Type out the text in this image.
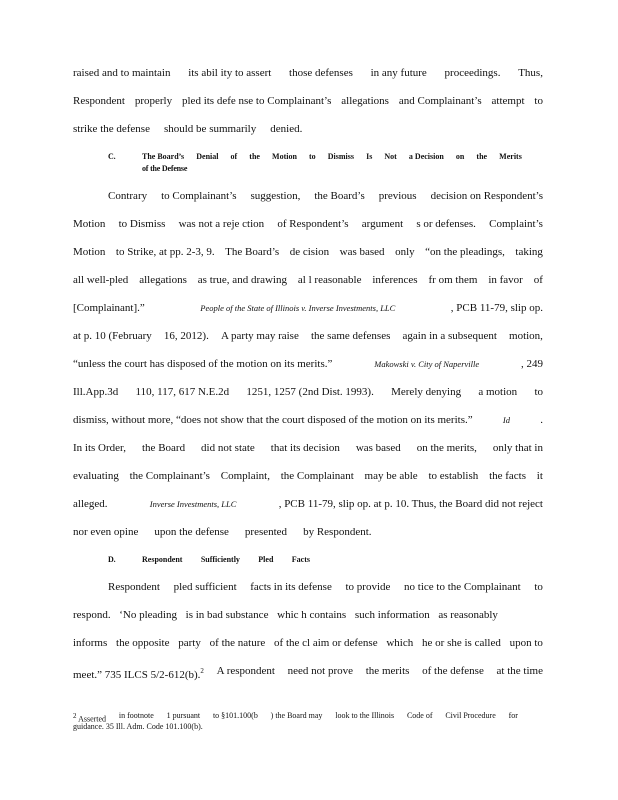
raised and to maintain its abil ity to assert those defenses in any future proceedings. Thus,
Respondent properly pled its defe nse to Complainant’s allegations and Complainant’s attempt to
strike the defense should be summarily denied.
C.	The Board’s Denial of the Motion to Dismiss Is Not a Decision on the Merits
of the Defense
Contrary to Complainant’s suggestion, the Board’s previous decision on Respondent’s
Motion to Dismiss was not a reje ction of Respondent’s argument s or defenses. Complaint’s
Motion to Strike, at pp. 2-3, 9. The Board’s de cision was based only “on the pleadings, taking
all well-pled allegations as true, and drawing al l reasonable inferences fr om them in favor of
[Complainant].”	People of the State of Illinois v. Inverse Investments, LLC	, PCB 11-79, slip op.
at p. 10 (February 16, 2012). A party may raise the same defenses again in a subsequent motion,
“unless the court has disposed of the motion on its merits.”	Makowski v. City of Naperville	, 249
Ill.App.3d 110, 117, 617 N.E.2d 1251, 1257 (2nd Dist. 1993). Merely denying a motion to
dismiss, without more, “does not show that the court disposed of the motion on its merits.”	Id	.
In its Order, the Board did not state that its decision was based on the merits, only that in
evaluating the Complainant’s Complaint, the Complainant may be able to establish the facts it
alleged.	Inverse Investments, LLC	, PCB 11-79, slip op. at p. 10. Thus, the Board did not reject
nor even opine upon the defense presented by Respondent.
D.	Respondent Sufficiently Pled Facts
Respondent pled sufficient facts in its defense to provide no tice to the Complainant to
respond. ‘No pleading is in bad substance whic h contains such information as reasonably
informs the opposite party of the nature of the cl aim or defense which he or she is called upon to
meet.” 735 ILCS 5/2-612(b).$^2$ A respondent need not prove the merits of the defense at the time
$^2$ Asserted in footnote 1 pursuant to §101.100(b ) the Board may look to the Illinois Code of Civil Procedure for
guidance. 35 Ill. Adm. Code 101.100(b).
